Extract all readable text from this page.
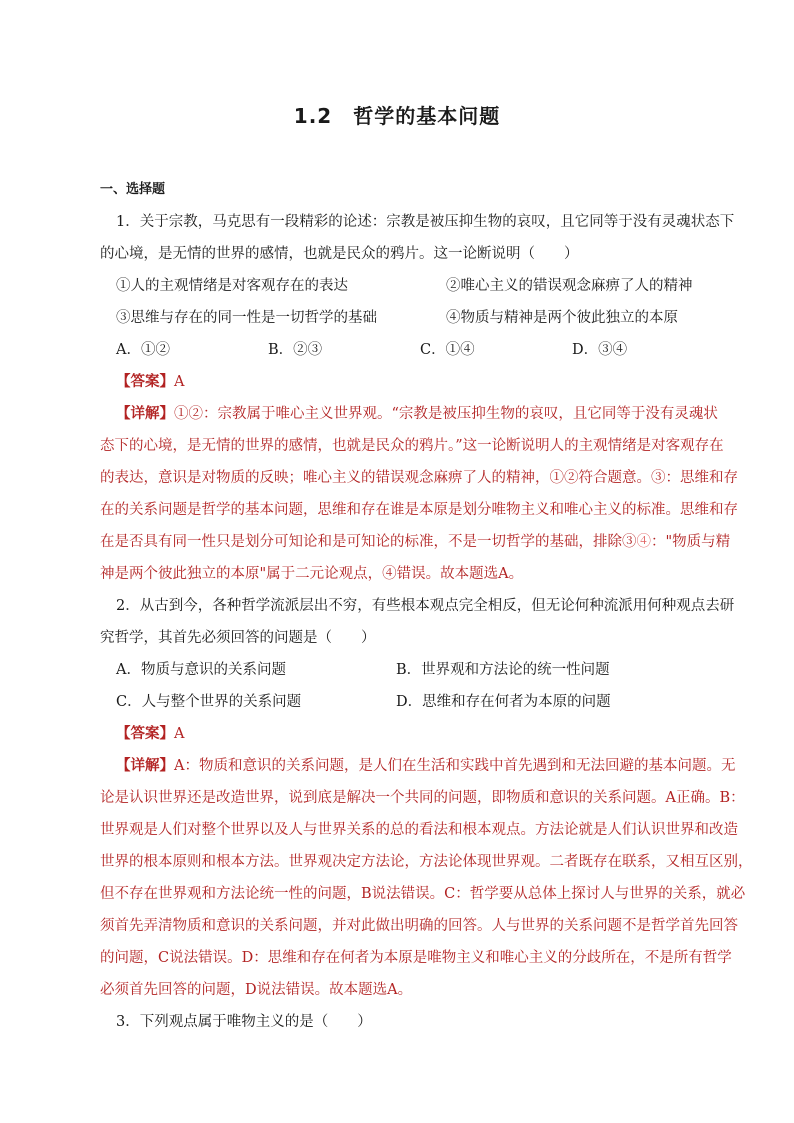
1.2　哲学的基本问题
一、选择题
1．关于宗教，马克思有一段精彩的论述：宗教是被压抑生物的哀叹，且它同等于没有灵魂状态下
的心境，是无情的世界的感情，也就是民众的鸦片。这一论断说明（　　）
①人的主观情绪是对客观存在的表达	②唯心主义的错误观念麻痹了人的精神
③思维与存在的同一性是一切哲学的基础	④物质与精神是两个彼此独立的本原
A．①②	B．②③	C．①④	D．③④
【答案】A
【详解】①②：宗教属于唯心主义世界观。“宗教是被压抑生物的哀叹，且它同等于没有灵魂状
态下的心境，是无情的世界的感情，也就是民众的鸦片。”这一论断说明人的主观情绪是对客观存在
的表达，意识是对物质的反映；唯心主义的错误观念麻痹了人的精神，①②符合题意。③：思维和存
在的关系问题是哲学的基本问题，思维和存在谁是本原是划分唯物主义和唯心主义的标准。思维和存
在是否具有同一性只是划分可知论和是可知论的标准，不是一切哲学的基础，排除③④："物质与精
神是两个彼此独立的本原"属于二元论观点，④错误。故本题选A。
2．从古到今，各种哲学流派层出不穷，有些根本观点完全相反，但无论何种流派用何种观点去研
究哲学，其首先必须回答的问题是（　　）
A．物质与意识的关系问题	B．世界观和方法论的统一性问题
C．人与整个世界的关系问题	D．思维和存在何者为本原的问题
【答案】A
【详解】A：物质和意识的关系问题，是人们在生活和实践中首先遇到和无法回避的基本问题。无
论是认识世界还是改造世界，说到底是解决一个共同的问题，即物质和意识的关系问题。A正确。B：
世界观是人们对整个世界以及人与世界关系的总的看法和根本观点。方法论就是人们认识世界和改造
世界的根本原则和根本方法。世界观决定方法论，方法论体现世界观。二者既存在联系，又相互区别，
但不存在世界观和方法论统一性的问题，B说法错误。C：哲学要从总体上探讨人与世界的关系，就必
须首先弄清物质和意识的关系问题，并对此做出明确的回答。人与世界的关系问题不是哲学首先回答
的问题，C说法错误。D：思维和存在何者为本原是唯物主义和唯心主义的分歧所在，不是所有哲学
必须首先回答的问题，D说法错误。故本题选A。
3．下列观点属于唯物主义的是（　　）
